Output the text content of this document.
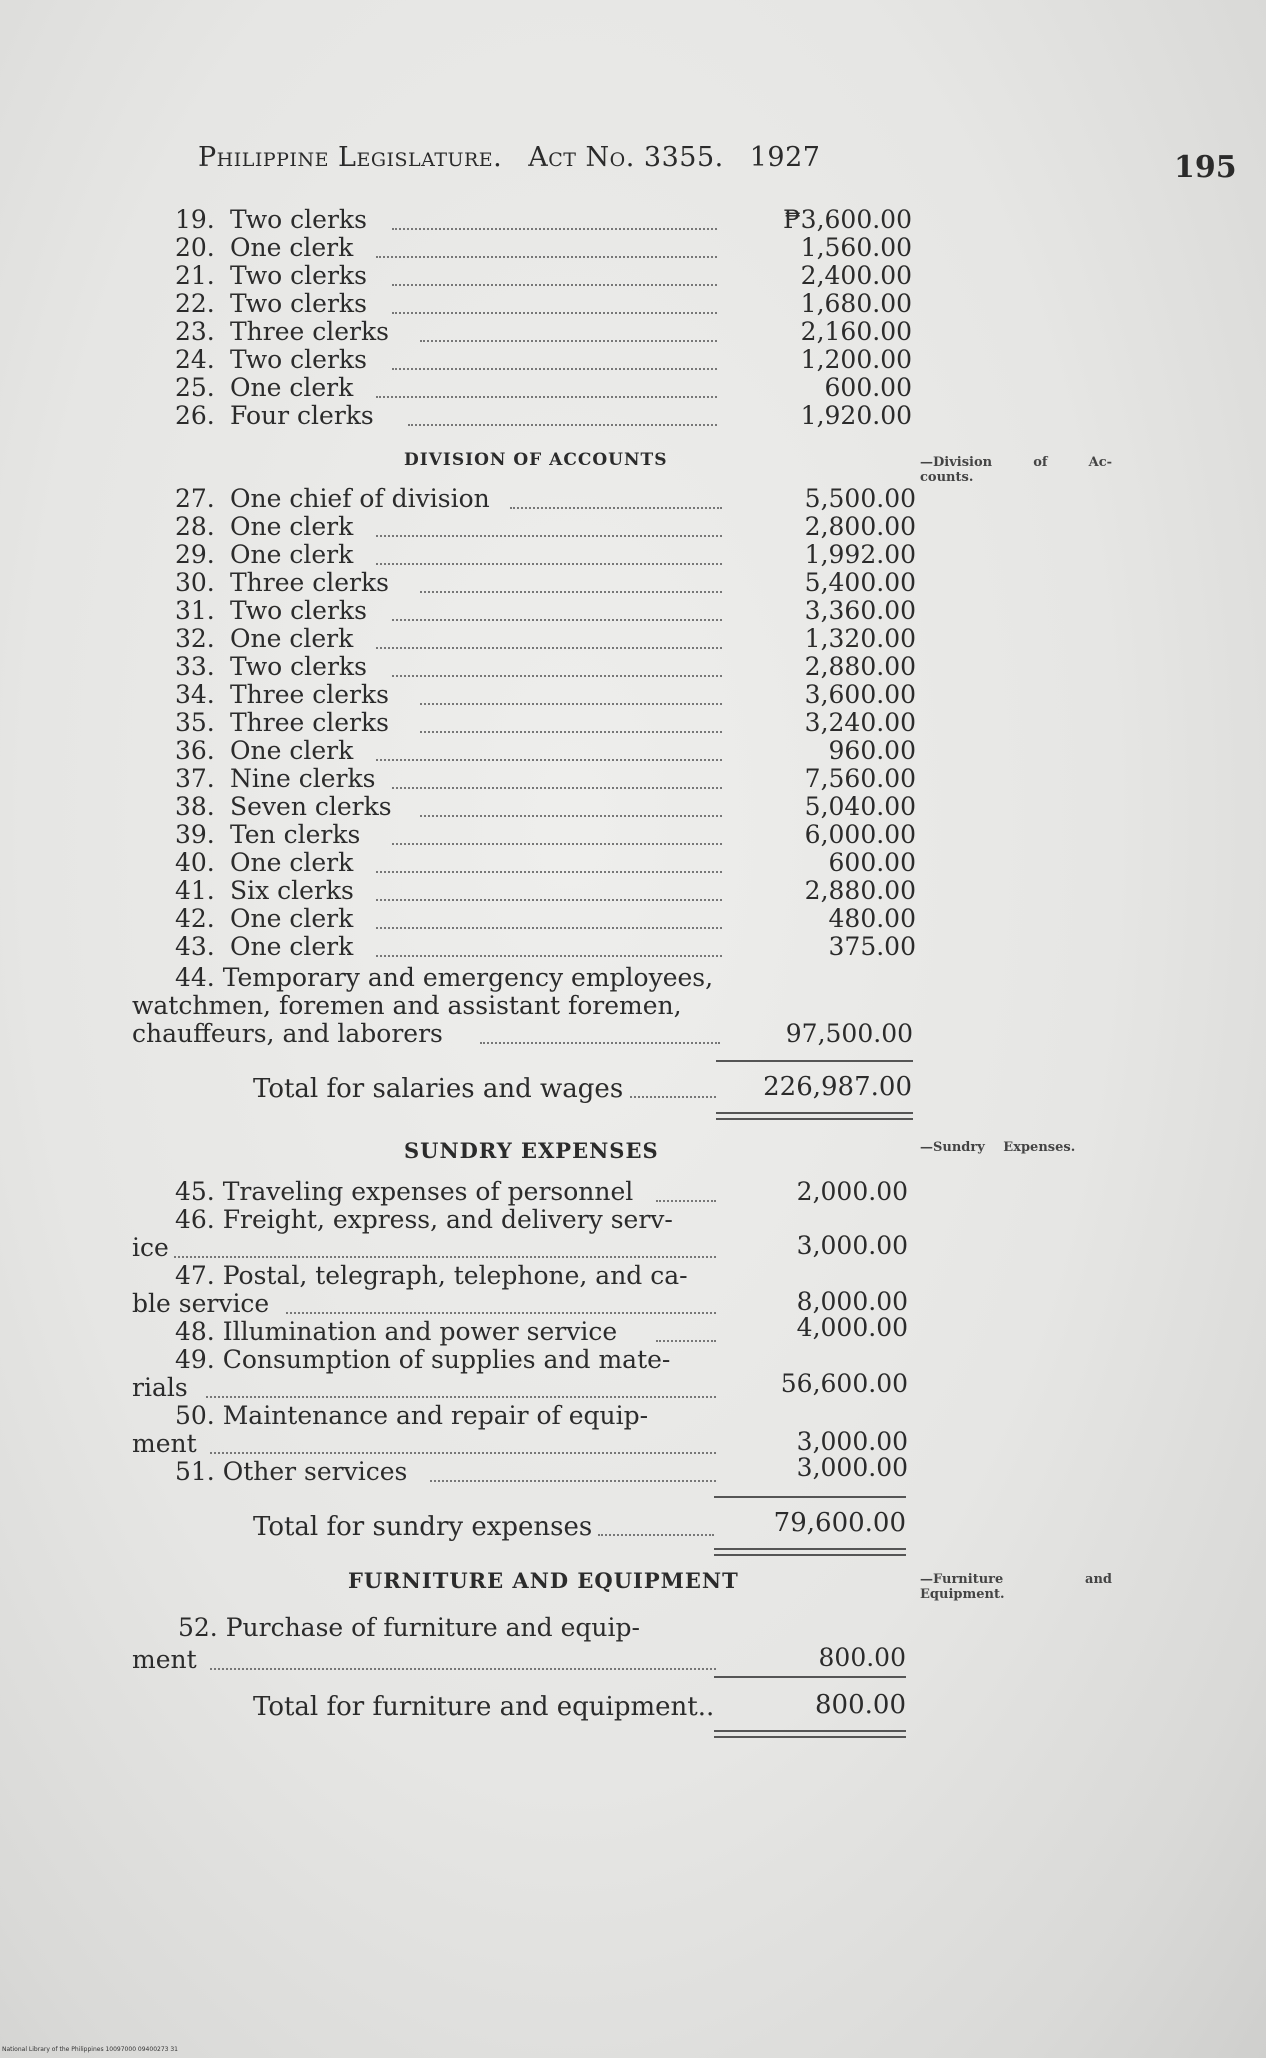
Philippine Legislature. Act No. 3355. 1927	195
19. Two clerks	₱3,600.00
20. One clerk	1,560.00
21. Two clerks	2,400.00
22. Two clerks	1,680.00
23. Three clerks	2,160.00
24. Two clerks	1,200.00
25. One clerk	600.00
26. Four clerks	1,920.00
DIVISION OF ACCOUNTS	—Division of Ac-
counts.
27. One chief of division	5,500.00
28. One clerk	2,800.00
29. One clerk	1,992.00
30. Three clerks	5,400.00
31. Two clerks	3,360.00
32. One clerk	1,320.00
33. Two clerks	2,880.00
34. Three clerks	3,600.00
35. Three clerks	3,240.00
36. One clerk	960.00
37. Nine clerks	7,560.00
38. Seven clerks	5,040.00
39. Ten clerks	6,000.00
40. One clerk	600.00
41. Six clerks	2,880.00
42. One clerk	480.00
43. One clerk	375.00
44. Temporary and emergency employees,
watchmen, foremen and assistant foremen,
chauffeurs, and laborers	97,500.00
Total for salaries and wages	226,987.00
SUNDRY EXPENSES	—Sundry Expenses.
45. Traveling expenses of personnel	2,000.00
46. Freight, express, and delivery serv-
ice	3,000.00
47. Postal, telegraph, telephone, and ca-
ble service	8,000.00
48. Illumination and power service	4,000.00
49. Consumption of supplies and mate-
rials	56,600.00
50. Maintenance and repair of equip-
ment	3,000.00
51. Other services	3,000.00
Total for sundry expenses	79,600.00
FURNITURE AND EQUIPMENT	—Furniture and
Equipment.
52. Purchase of furniture and equip-
ment	800.00
Total for furniture and equipment..	800.00
National Library of the Philippines 10097000 09400273 31
